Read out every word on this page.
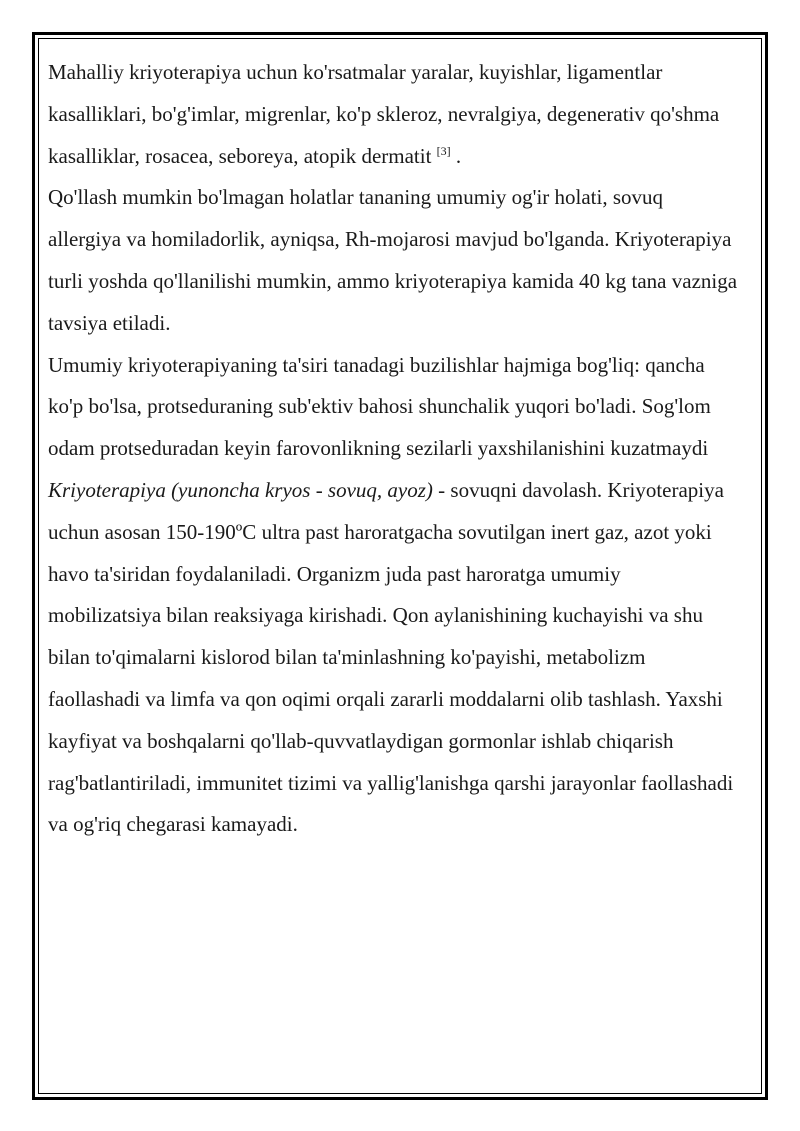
Mahalliy kriyoterapiya uchun ko'rsatmalar yaralar, kuyishlar, ligamentlar kasalliklari, bo'g'imlar, migrenlar, ko'p skleroz, nevralgiya, degenerativ qo'shma kasalliklar, rosacea, seboreya, atopik dermatit [3] .

Qo'llash mumkin bo'lmagan holatlar tananing umumiy og'ir holati, sovuq allergiya va homiladorlik, ayniqsa, Rh-mojarosi mavjud bo'lganda. Kriyoterapiya turli yoshda qo'llanilishi mumkin, ammo kriyoterapiya kamida 40 kg tana vazniga tavsiya etiladi.

Umumiy kriyoterapiyaning ta'siri tanadagi buzilishlar hajmiga bog'liq: qancha ko'p bo'lsa, protseduraning sub'ektiv bahosi shunchalik yuqori bo'ladi. Sog'lom odam protseduradan keyin farovonlikning sezilarli yaxshilanishini kuzatmaydi

Kriyoterapiya (yunoncha kryos - sovuq, ayoz) - sovuqni davolash. Kriyoterapiya uchun asosan 150-190ºC ultra past haroratgacha sovutilgan inert gaz, azot yoki havo ta'siridan foydalaniladi. Organizm juda past haroratga umumiy mobilizatsiya bilan reaksiyaga kirishadi. Qon aylanishining kuchayishi va shu bilan to'qimalarni kislorod bilan ta'minlashning ko'payishi, metabolizm faollashadi va limfa va qon oqimi orqali zararli moddalarni olib tashlash. Yaxshi kayfiyat va boshqalarni qo'llab-quvvatlaydigan gormonlar ishlab chiqarish rag'batlantiriladi, immunitet tizimi va yallig'lanishga qarshi jarayonlar faollashadi va og'riq chegarasi kamayadi.
